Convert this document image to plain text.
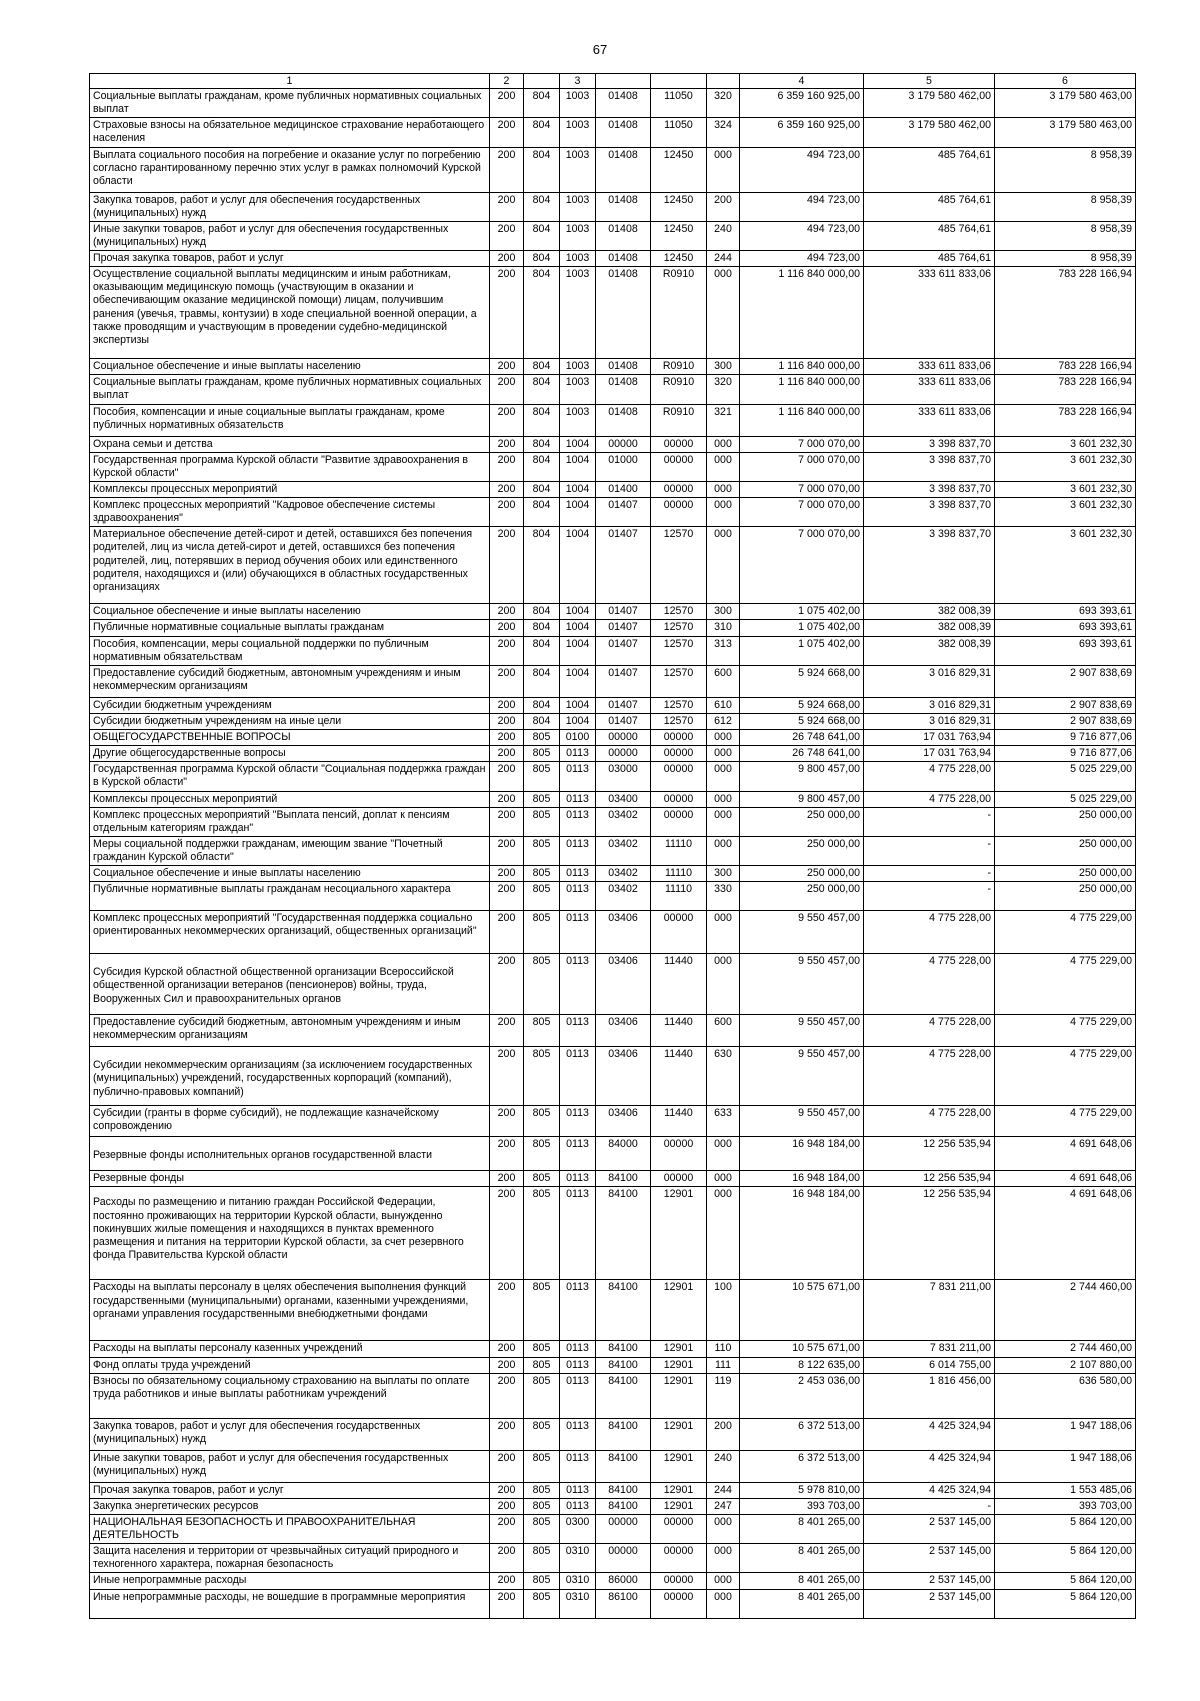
67
1	2		3				4	5	6
Социальные выплаты гражданам, кроме публичных нормативных социальных выплат	200	804	1003	01408	11050	320	6 359 160 925,00	3 179 580 462,00	3 179 580 463,00
Страховые взносы на обязательное медицинское страхование неработающего населения	200	804	1003	01408	11050	324	6 359 160 925,00	3 179 580 462,00	3 179 580 463,00
Выплата социального пособия на погребение и оказание услуг по погребению согласно гарантированному перечню этих услуг в рамках полномочий Курской области	200	804	1003	01408	12450	000	494 723,00	485 764,61	8 958,39
Закупка товаров, работ и услуг для обеспечения государственных (муниципальных) нужд	200	804	1003	01408	12450	200	494 723,00	485 764,61	8 958,39
Иные закупки товаров, работ и услуг для обеспечения государственных (муниципальных) нужд	200	804	1003	01408	12450	240	494 723,00	485 764,61	8 958,39
Прочая закупка товаров, работ и услуг	200	804	1003	01408	12450	244	494 723,00	485 764,61	8 958,39
Осуществление социальной выплаты медицинским и иным работникам, оказывающим медицинскую помощь (участвующим в оказании и обеспечивающим оказание медицинской помощи) лицам, получившим ранения (увечья, травмы, контузии) в ходе специальной военной операции, а также проводящим и участвующим в проведении судебно-медицинской экспертизы	200	804	1003	01408	R0910	000	1 116 840 000,00	333 611 833,06	783 228 166,94
Социальное обеспечение и иные выплаты населению	200	804	1003	01408	R0910	300	1 116 840 000,00	333 611 833,06	783 228 166,94
Социальные выплаты гражданам, кроме публичных нормативных социальных выплат	200	804	1003	01408	R0910	320	1 116 840 000,00	333 611 833,06	783 228 166,94
Пособия, компенсации и иные социальные выплаты гражданам, кроме публичных нормативных обязательств	200	804	1003	01408	R0910	321	1 116 840 000,00	333 611 833,06	783 228 166,94
Охрана семьи и детства	200	804	1004	00000	00000	000	7 000 070,00	3 398 837,70	3 601 232,30
Государственная программа Курской области "Развитие здравоохранения в Курской области"	200	804	1004	01000	00000	000	7 000 070,00	3 398 837,70	3 601 232,30
Комплексы процессных мероприятий	200	804	1004	01400	00000	000	7 000 070,00	3 398 837,70	3 601 232,30
Комплекс процессных мероприятий "Кадровое обеспечение системы здравоохранения"	200	804	1004	01407	00000	000	7 000 070,00	3 398 837,70	3 601 232,30
Материальное обеспечение детей-сирот и детей, оставшихся без попечения родителей, лиц из числа детей-сирот и детей, оставшихся без попечения родителей, лиц, потерявших в период обучения обоих или единственного родителя, находящихся и (или) обучающихся в областных государственных организациях	200	804	1004	01407	12570	000	7 000 070,00	3 398 837,70	3 601 232,30
Социальное обеспечение и иные выплаты населению	200	804	1004	01407	12570	300	1 075 402,00	382 008,39	693 393,61
Публичные нормативные социальные выплаты гражданам	200	804	1004	01407	12570	310	1 075 402,00	382 008,39	693 393,61
Пособия, компенсации, меры социальной поддержки по публичным нормативным обязательствам	200	804	1004	01407	12570	313	1 075 402,00	382 008,39	693 393,61
Предоставление субсидий бюджетным, автономным учреждениям и иным некоммерческим организациям	200	804	1004	01407	12570	600	5 924 668,00	3 016 829,31	2 907 838,69
Субсидии бюджетным учреждениям	200	804	1004	01407	12570	610	5 924 668,00	3 016 829,31	2 907 838,69
Субсидии бюджетным учреждениям на иные цели	200	804	1004	01407	12570	612	5 924 668,00	3 016 829,31	2 907 838,69
ОБЩЕГОСУДАРСТВЕННЫЕ ВОПРОСЫ	200	805	0100	00000	00000	000	26 748 641,00	17 031 763,94	9 716 877,06
Другие общегосударственные вопросы	200	805	0113	00000	00000	000	26 748 641,00	17 031 763,94	9 716 877,06
Государственная программа Курской области "Социальная поддержка граждан в Курской области"	200	805	0113	03000	00000	000	9 800 457,00	4 775 228,00	5 025 229,00
Комплексы процессных мероприятий	200	805	0113	03400	00000	000	9 800 457,00	4 775 228,00	5 025 229,00
Комплекс процессных мероприятий "Выплата пенсий, доплат к пенсиям отдельным категориям граждан"	200	805	0113	03402	00000	000	250 000,00	-	250 000,00
Меры социальной поддержки гражданам, имеющим звание "Почетный гражданин Курской области"	200	805	0113	03402	11110	000	250 000,00	-	250 000,00
Социальное обеспечение и иные выплаты населению	200	805	0113	03402	11110	300	250 000,00	-	250 000,00
Публичные нормативные выплаты гражданам несоциального характера	200	805	0113	03402	11110	330	250 000,00	-	250 000,00
Комплекс процессных мероприятий "Государственная поддержка социально ориентированных некоммерческих организаций, общественных организаций"	200	805	0113	03406	00000	000	9 550 457,00	4 775 228,00	4 775 229,00
Субсидия Курской областной общественной организации Всероссийской общественной организации ветеранов (пенсионеров) войны, труда, Вооруженных Сил и правоохранительных органов	200	805	0113	03406	11440	000	9 550 457,00	4 775 228,00	4 775 229,00
Предоставление субсидий бюджетным, автономным учреждениям и иным некоммерческим организациям	200	805	0113	03406	11440	600	9 550 457,00	4 775 228,00	4 775 229,00
Субсидии некоммерческим организациям (за исключением государственных (муниципальных) учреждений, государственных корпораций (компаний), публично-правовых компаний)	200	805	0113	03406	11440	630	9 550 457,00	4 775 228,00	4 775 229,00
Субсидии (гранты в форме субсидий), не подлежащие казначейскому сопровождению	200	805	0113	03406	11440	633	9 550 457,00	4 775 228,00	4 775 229,00
Резервные фонды исполнительных органов государственной власти	200	805	0113	84000	00000	000	16 948 184,00	12 256 535,94	4 691 648,06
Резервные фонды	200	805	0113	84100	00000	000	16 948 184,00	12 256 535,94	4 691 648,06
Расходы по размещению и питанию граждан Российской Федерации, постоянно проживающих на территории Курской области, вынужденно покинувших жилые помещения и находящихся в пунктах временного размещения и питания на территории Курской области, за счет резервного фонда Правительства Курской области	200	805	0113	84100	12901	000	16 948 184,00	12 256 535,94	4 691 648,06
Расходы на выплаты персоналу в целях обеспечения выполнения функций государственными (муниципальными) органами, казенными учреждениями, органами управления государственными внебюджетными фондами	200	805	0113	84100	12901	100	10 575 671,00	7 831 211,00	2 744 460,00
Расходы на выплаты персоналу казенных учреждений	200	805	0113	84100	12901	110	10 575 671,00	7 831 211,00	2 744 460,00
Фонд оплаты труда учреждений	200	805	0113	84100	12901	111	8 122 635,00	6 014 755,00	2 107 880,00
Взносы по обязательному социальному страхованию на выплаты по оплате труда работников и иные выплаты работникам учреждений	200	805	0113	84100	12901	119	2 453 036,00	1 816 456,00	636 580,00
Закупка товаров, работ и услуг для обеспечения государственных (муниципальных) нужд	200	805	0113	84100	12901	200	6 372 513,00	4 425 324,94	1 947 188,06
Иные закупки товаров, работ и услуг для обеспечения государственных (муниципальных) нужд	200	805	0113	84100	12901	240	6 372 513,00	4 425 324,94	1 947 188,06
Прочая закупка товаров, работ и услуг	200	805	0113	84100	12901	244	5 978 810,00	4 425 324,94	1 553 485,06
Закупка энергетических ресурсов	200	805	0113	84100	12901	247	393 703,00	-	393 703,00
НАЦИОНАЛЬНАЯ БЕЗОПАСНОСТЬ И ПРАВООХРАНИТЕЛЬНАЯ ДЕЯТЕЛЬНОСТЬ	200	805	0300	00000	00000	000	8 401 265,00	2 537 145,00	5 864 120,00
Защита населения и территории от чрезвычайных ситуаций природного и техногенного характера, пожарная безопасность	200	805	0310	00000	00000	000	8 401 265,00	2 537 145,00	5 864 120,00
Иные непрограммные расходы	200	805	0310	86000	00000	000	8 401 265,00	2 537 145,00	5 864 120,00
Иные непрограммные расходы, не вошедшие в программные мероприятия	200	805	0310	86100	00000	000	8 401 265,00	2 537 145,00	5 864 120,00
